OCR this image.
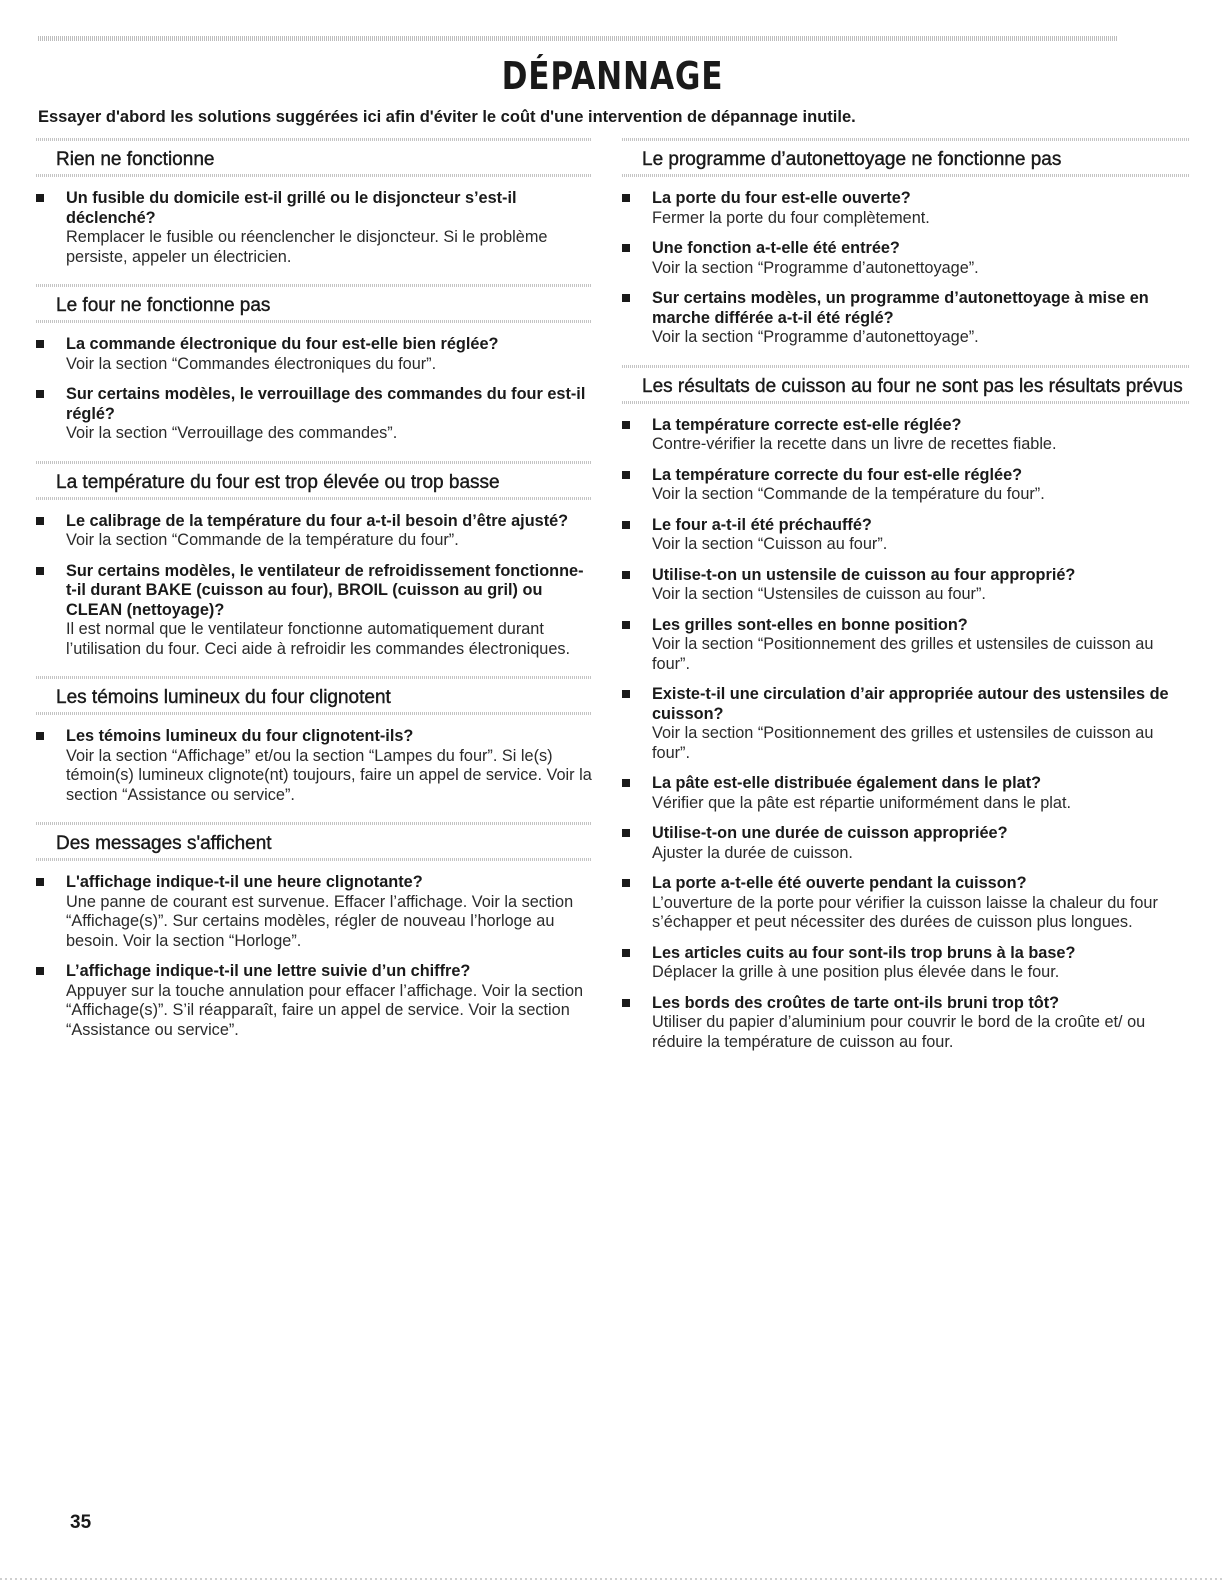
DÉPANNAGE

Essayer d'abord les solutions suggérées ici afin d'éviter le coût d'une intervention de dépannage inutile.

Rien ne fonctionne
Un fusible du domicile est-il grillé ou le disjoncteur s’est-il déclenché?
Remplacer le fusible ou réenclencher le disjoncteur. Si le problème persiste, appeler un électricien.
Le four ne fonctionne pas
La commande électronique du four est-elle bien réglée?
Voir la section “Commandes électroniques du four”.
Sur certains modèles, le verrouillage des commandes du four est-il réglé?
Voir la section “Verrouillage des commandes”.
La température du four est trop élevée ou trop basse
Le calibrage de la température du four a-t-il besoin d’être ajusté?
Voir la section “Commande de la température du four”.
Sur certains modèles, le ventilateur de refroidissement fonctionne-t-il durant BAKE (cuisson au four), BROIL (cuisson au gril) ou CLEAN (nettoyage)?
Il est normal que le ventilateur fonctionne automatiquement durant l’utilisation du four. Ceci aide à refroidir les commandes électroniques.
Les témoins lumineux du four clignotent
Les témoins lumineux du four clignotent-ils?
Voir la section “Affichage” et/ou la section “Lampes du four”. Si le(s) témoin(s) lumineux clignote(nt) toujours, faire un appel de service. Voir la section “Assistance ou service”.
Des messages s'affichent
L'affichage indique-t-il une heure clignotante?
Une panne de courant est survenue. Effacer l’affichage. Voir la section “Affichage(s)”. Sur certains modèles, régler de nouveau l’horloge au besoin. Voir la section “Horloge”.
L’affichage indique-t-il une lettre suivie d’un chiffre?
Appuyer sur la touche annulation pour effacer l’affichage. Voir la section “Affichage(s)”. S’il réapparaît, faire un appel de service. Voir la section “Assistance ou service”.
Le programme d’autonettoyage ne fonctionne pas
La porte du four est-elle ouverte?
Fermer la porte du four complètement.
Une fonction a-t-elle été entrée?
Voir la section “Programme d’autonettoyage”.
Sur certains modèles, un programme d’autonettoyage à mise en marche différée a-t-il été réglé?
Voir la section “Programme d’autonettoyage”.
Les résultats de cuisson au four ne sont pas les résultats prévus
La température correcte est-elle réglée?
Contre-vérifier la recette dans un livre de recettes fiable.
La température correcte du four est-elle réglée?
Voir la section “Commande de la température du four”.
Le four a-t-il été préchauffé?
Voir la section “Cuisson au four”.
Utilise-t-on un ustensile de cuisson au four approprié?
Voir la section “Ustensiles de cuisson au four”.
Les grilles sont-elles en bonne position?
Voir la section “Positionnement des grilles et ustensiles de cuisson au four”.
Existe-t-il une circulation d’air appropriée autour des ustensiles de cuisson?
Voir la section “Positionnement des grilles et ustensiles de cuisson au four”.
La pâte est-elle distribuée également dans le plat?
Vérifier que la pâte est répartie uniformément dans le plat.
Utilise-t-on une durée de cuisson appropriée?
Ajuster la durée de cuisson.
La porte a-t-elle été ouverte pendant la cuisson?
L’ouverture de la porte pour vérifier la cuisson laisse la chaleur du four s’échapper et peut nécessiter des durées de cuisson plus longues.
Les articles cuits au four sont-ils trop bruns à la base?
Déplacer la grille à une position plus élevée dans le four.
Les bords des croûtes de tarte ont-ils bruni trop tôt?
Utiliser du papier d’aluminium pour couvrir le bord de la croûte et/ ou réduire la température de cuisson au four.

35
